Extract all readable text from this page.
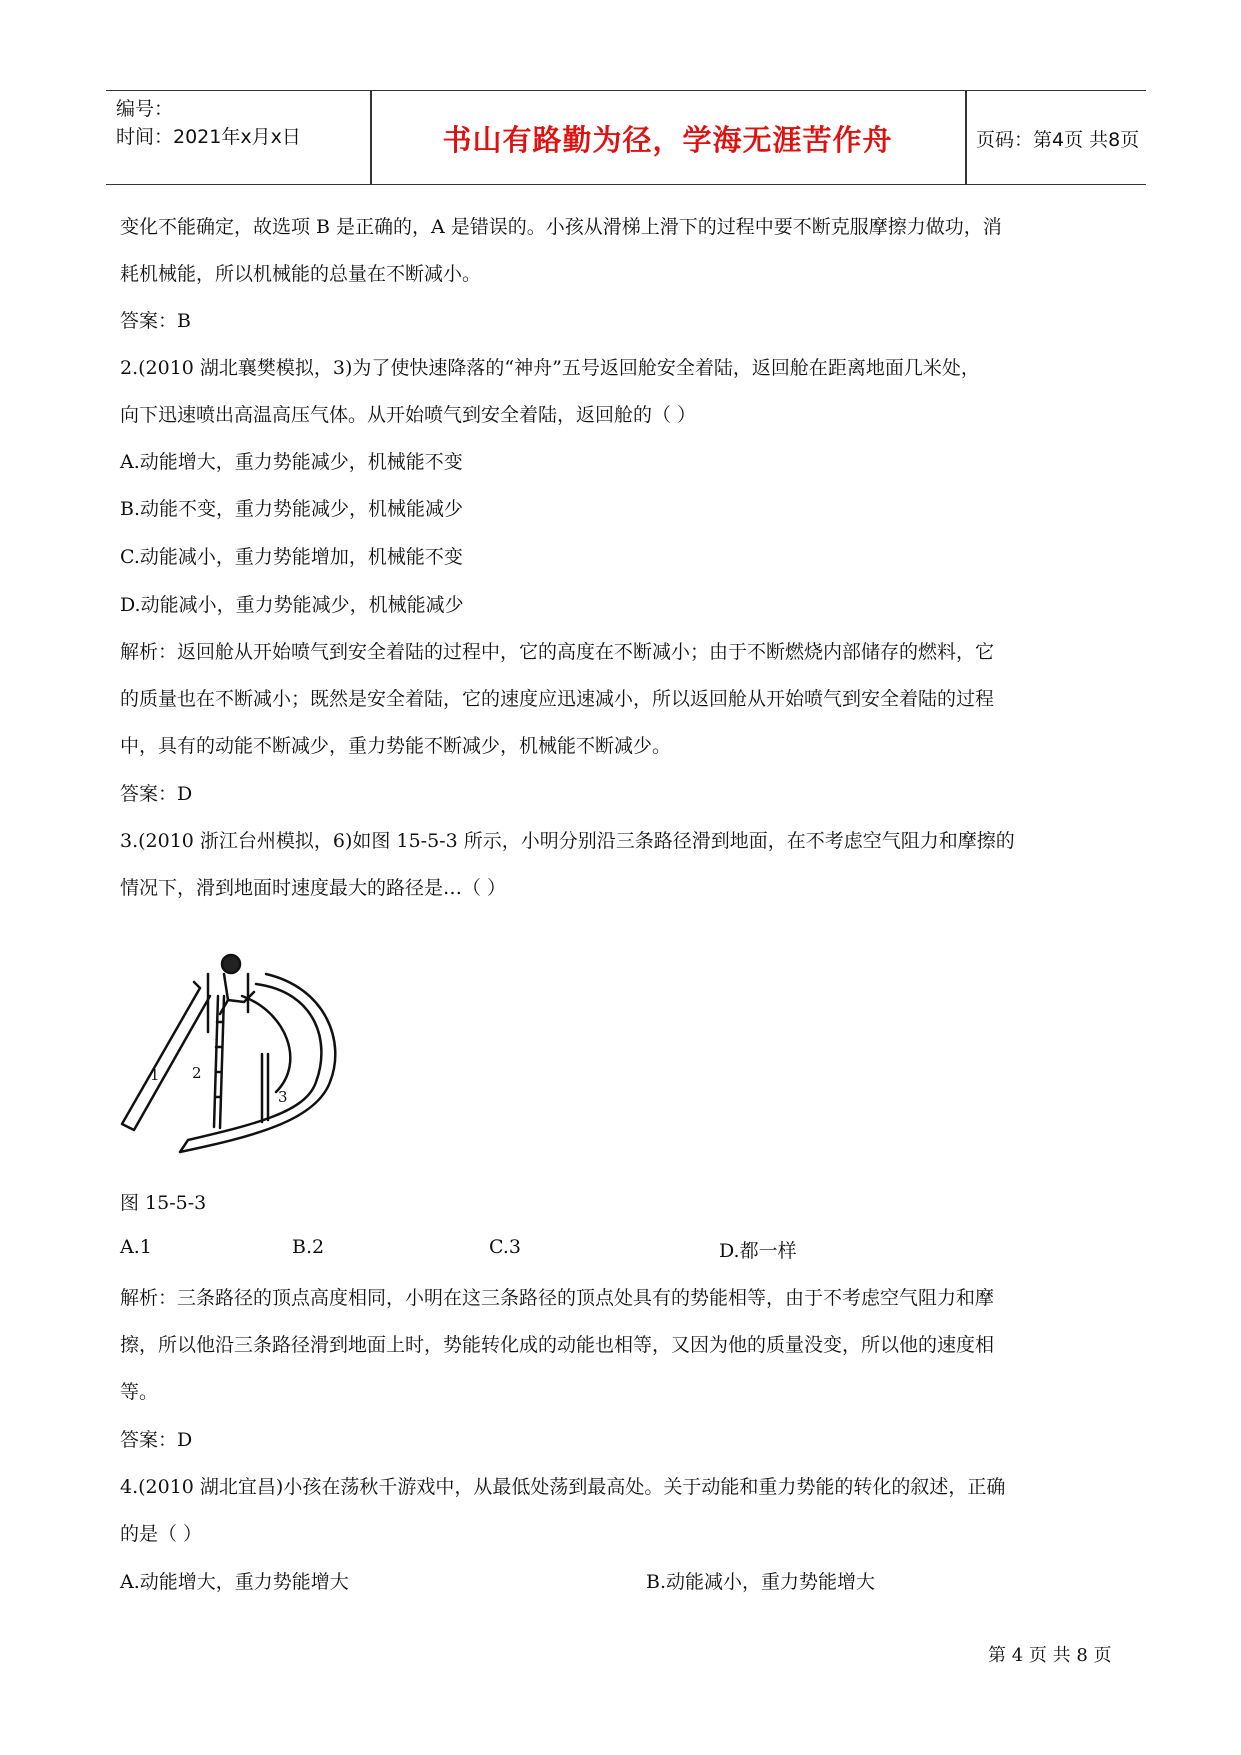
编号：
时间：2021年x月x日	书山有路勤为径，学海无涯苦作舟	页码：第4页 共8页
变化不能确定，故选项 B 是正确的，A 是错误的。小孩从滑梯上滑下的过程中要不断克服摩擦力做功，消
耗机械能，所以机械能的总量在不断减小。
答案：B
2.(2010 湖北襄樊模拟，3)为了使快速降落的“神舟”五号返回舱安全着陆，返回舱在距离地面几米处，
向下迅速喷出高温高压气体。从开始喷气到安全着陆，返回舱的（ ）
A.动能增大，重力势能减少，机械能不变
B.动能不变，重力势能减少，机械能减少
C.动能减小，重力势能增加，机械能不变
D.动能减小，重力势能减少，机械能减少
解析：返回舱从开始喷气到安全着陆的过程中，它的高度在不断减小；由于不断燃烧内部储存的燃料，它
的质量也在不断减小；既然是安全着陆，它的速度应迅速减小，所以返回舱从开始喷气到安全着陆的过程
中，具有的动能不断减少，重力势能不断减少，机械能不断减少。
答案：D
3.(2010 浙江台州模拟，6)如图 15-5-3 所示，小明分别沿三条路径滑到地面，在不考虑空气阻力和摩擦的
情况下，滑到地面时速度最大的路径是…（ ）
图 15-5-3
A.1	B.2	C.3	D.都一样
解析：三条路径的顶点高度相同，小明在这三条路径的顶点处具有的势能相等，由于不考虑空气阻力和摩
擦，所以他沿三条路径滑到地面上时，势能转化成的动能也相等，又因为他的质量没变，所以他的速度相
等。
答案：D
4.(2010 湖北宜昌)小孩在荡秋千游戏中，从最低处荡到最高处。关于动能和重力势能的转化的叙述，正确
的是（ ）
A.动能增大，重力势能增大	B.动能减小，重力势能增大
1 2
3
第 4 页 共 8 页
